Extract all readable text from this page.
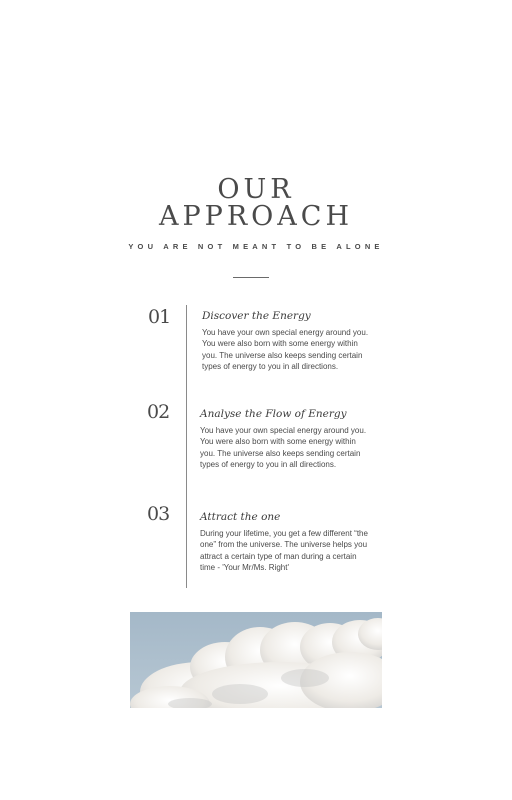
OUR
APPROACH
YOU ARE NOT MEANT TO BE ALONE
01	Discover the Energy
You have your own special energy around you. You were also born with some energy within you. The universe also keeps sending certain types of energy to you in all directions.
02	Analyse the Flow of Energy
You have your own special energy around you. You were also born with some energy within you. The universe also keeps sending certain types of energy to you in all directions.
03	Attract the one
During your lifetime, you get a few different “the one” from the universe. The universe helps you attract a certain type of man during a certain time - 'Your Mr/Ms. Right'
